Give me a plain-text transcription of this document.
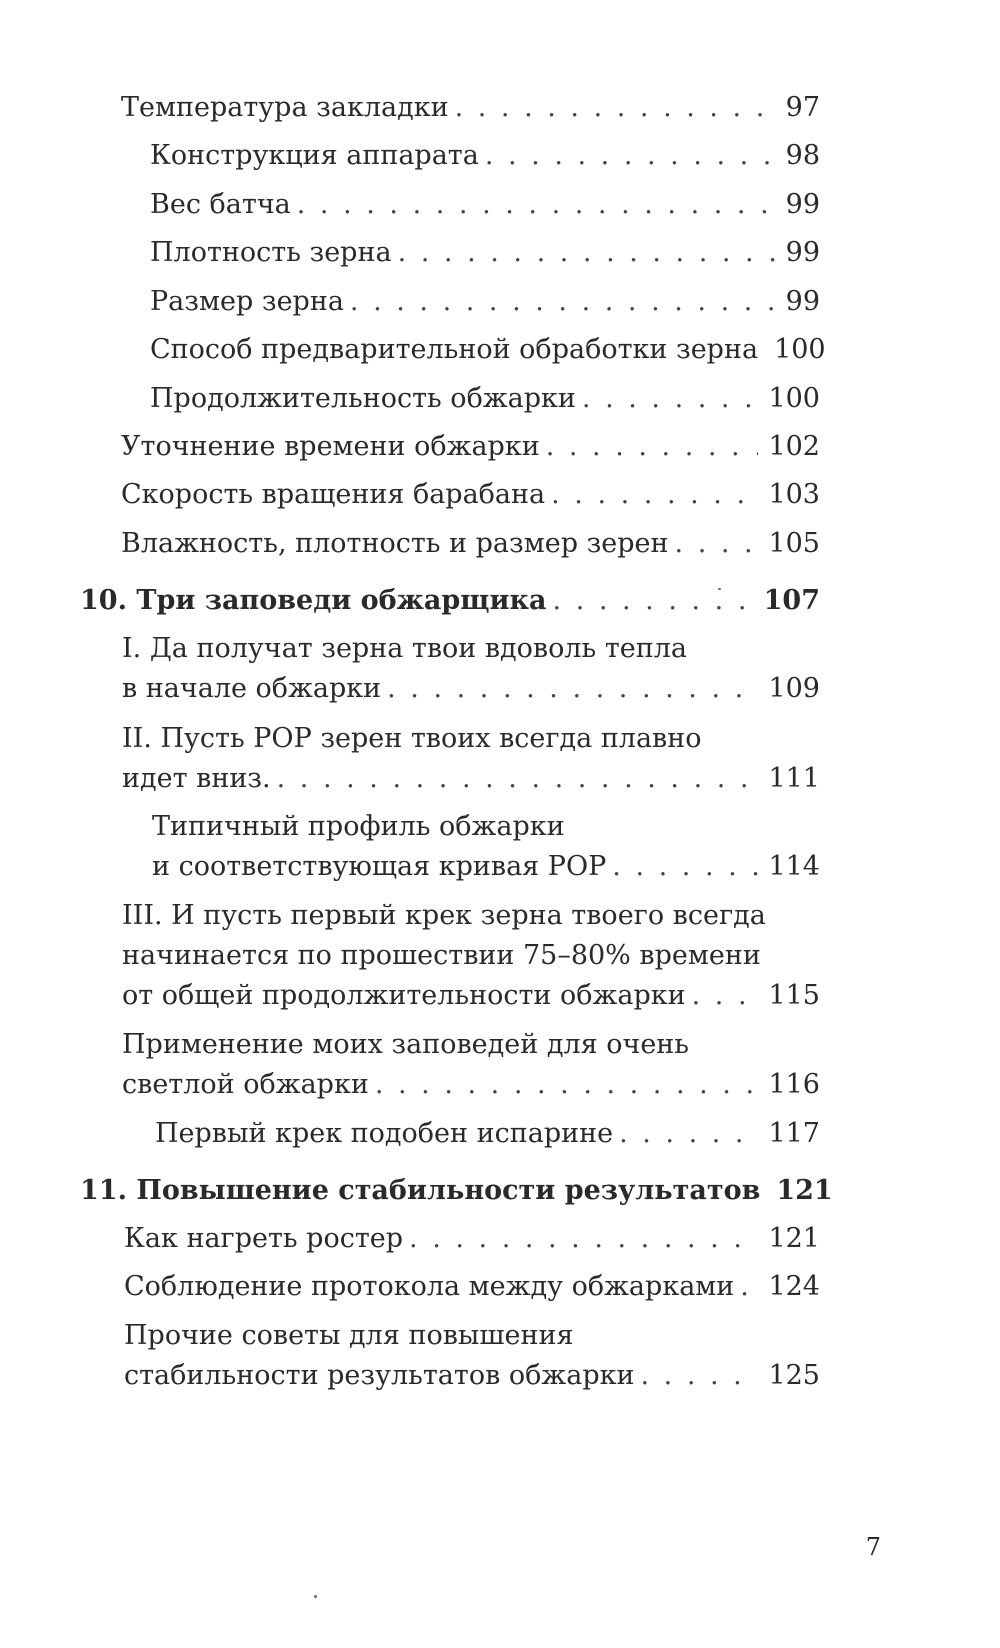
Температура закладки . . .	97
Конструкция аппарата . . .	98
Вес батча . . .	99
Плотность зерна . . .	99
Размер зерна . . .	99
Способ предварительной обработки зерна 100
Продолжительность обжарки . . .	100
Уточнение времени обжарки . . .	102
Скорость вращения барабана . . .	103
Влажность, плотность и размер зерен . . .	105
10. Три заповеди обжарщика . . .	107
I. Да получат зерна твои вдоволь тепла
в начале обжарки . . .	109
II. Пусть РОР зерен твоих всегда плавно
идет вниз. . . .	111
Типичный профиль обжарки
и соответствующая кривая РОР . . .	114
III. И пусть первый крек зерна твоего всегда
начинается по прошествии 75–80% времени
от общей продолжительности обжарки . . .	115
Применение моих заповедей для очень
светлой обжарки . . .	116
Первый крек подобен испарине . . .	117
11. Повышение стабильности результатов 121
Как нагреть ростер . . .	121
Соблюдение протокола между обжарками . . . 124
Прочие советы для повышения
стабильности результатов обжарки . . .	125
7
